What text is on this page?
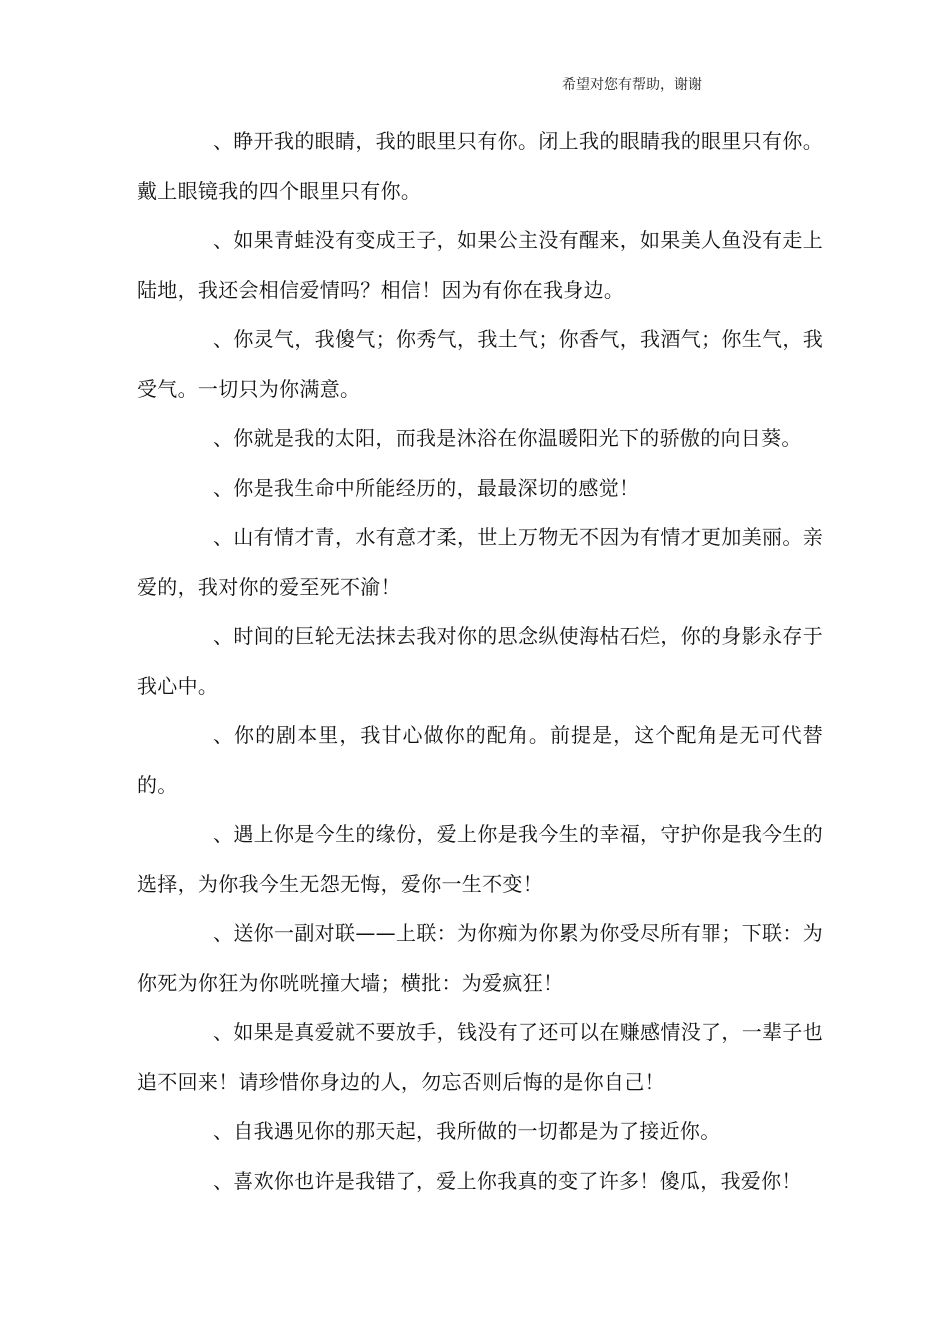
希望对您有帮助，谢谢

、睁开我的眼睛，我的眼里只有你。闭上我的眼睛我的眼里只有你。戴上眼镜我的四个眼里只有你。

、如果青蛙没有变成王子，如果公主没有醒来，如果美人鱼没有走上陆地，我还会相信爱情吗？相信！因为有你在我身边。

、你灵气，我傻气；你秀气，我土气；你香气，我酒气；你生气，我受气。一切只为你满意。

、你就是我的太阳，而我是沐浴在你温暖阳光下的骄傲的向日葵。

、你是我生命中所能经历的，最最深切的感觉！

、山有情才青，水有意才柔，世上万物无不因为有情才更加美丽。亲爱的，我对你的爱至死不渝！

、时间的巨轮无法抹去我对你的思念纵使海枯石烂，你的身影永存于我心中。

、你的剧本里，我甘心做你的配角。前提是，这个配角是无可代替的。

、遇上你是今生的缘份，爱上你是我今生的幸福，守护你是我今生的选择，为你我今生无怨无悔，爱你一生不变！

、送你一副对联——上联：为你痴为你累为你受尽所有罪；下联：为你死为你狂为你咣咣撞大墙；横批：为爱疯狂！

、如果是真爱就不要放手，钱没有了还可以在赚感情没了，一辈子也追不回来！请珍惜你身边的人，勿忘否则后悔的是你自己！

、自我遇见你的那天起，我所做的一切都是为了接近你。

、喜欢你也许是我错了，爱上你我真的变了许多！傻瓜，我爱你！
